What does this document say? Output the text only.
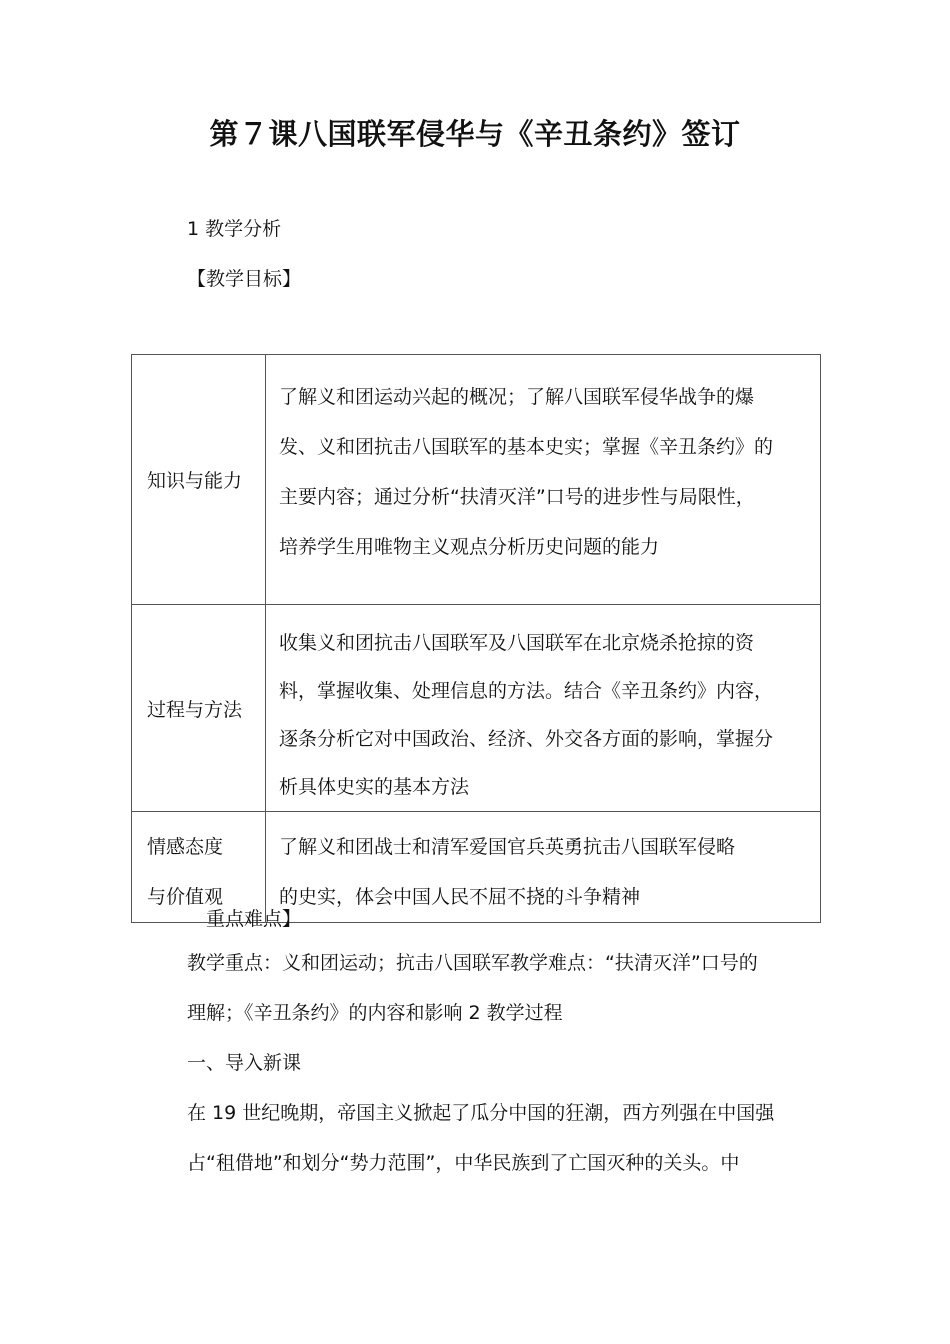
第７课八国联军侵华与《辛丑条约》签订
1 教学分析
【教学目标】
知识与能力	了解义和团运动兴起的概况；了解八国联军侵华战争的爆
发、义和团抗击八国联军的基本史实；掌握《辛丑条约》的
主要内容；通过分析“扶清灭洋”口号的进步性与局限性，
培养学生用唯物主义观点分析历史问题的能力

过程与方法	收集义和团抗击八国联军及八国联军在北京烧杀抢掠的资
料，掌握收集、处理信息的方法。结合《辛丑条约》内容，
逐条分析它对中国政治、经济、外交各方面的影响，掌握分
析具体史实的基本方法

情感态度
与价值观	了解义和团战士和清军爱国官兵英勇抗击八国联军侵略
的史实，体会中国人民不屈不挠的斗争精神
重点难点】
教学重点：义和团运动；抗击八国联军教学难点：“扶清灭洋”口号的
理解；《辛丑条约》的内容和影响 2 教学过程
一、导入新课
在 19 世纪晚期，帝国主义掀起了瓜分中国的狂潮，西方列强在中国强
占“租借地”和划分“势力范围”，中华民族到了亡国灭种的关头。中
